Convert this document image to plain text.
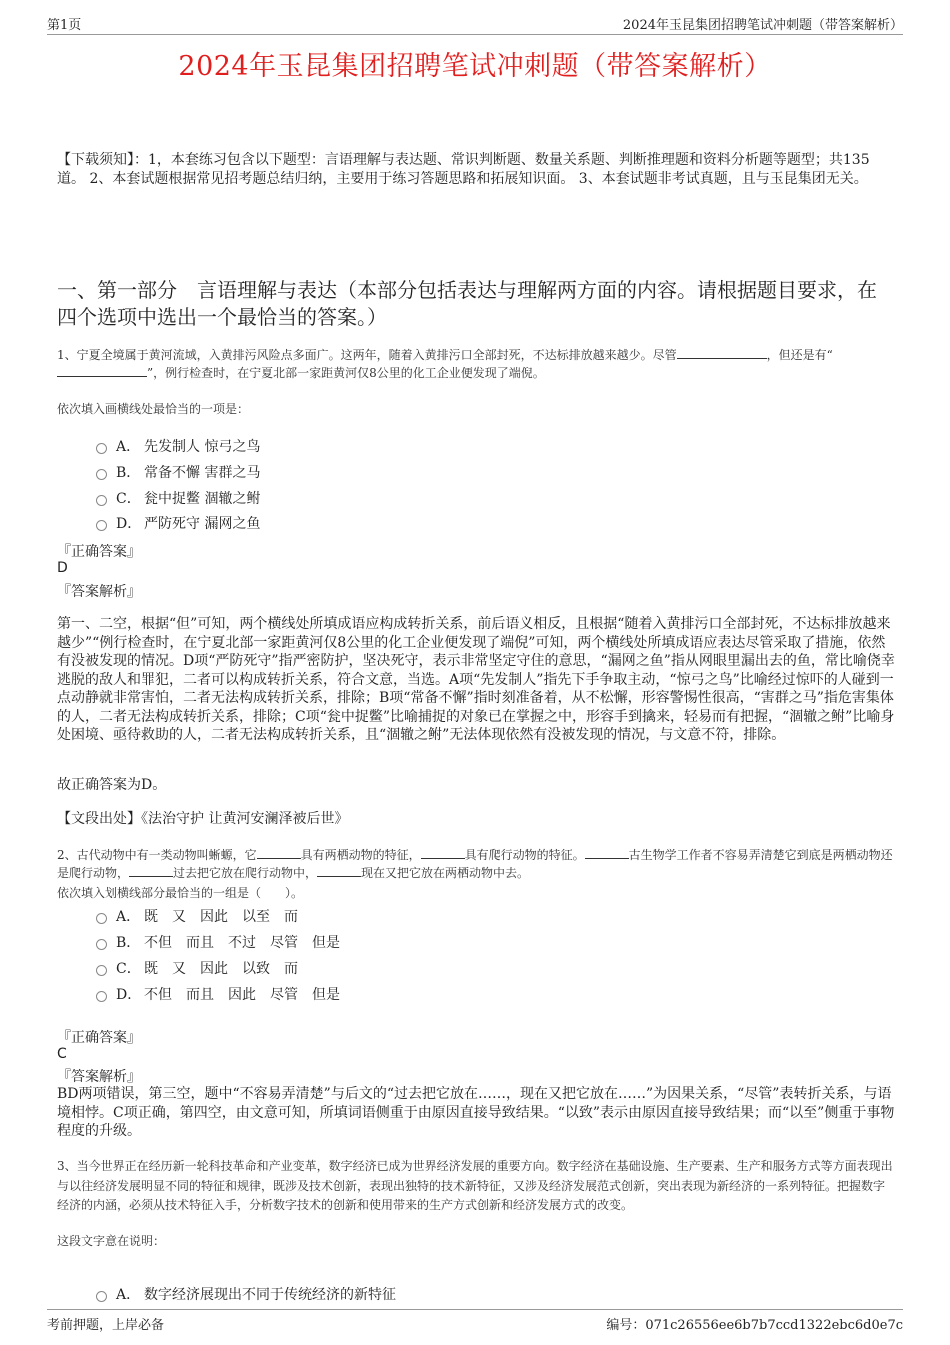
第1页	2024年玉昆集团招聘笔试冲刺题（带答案解析）
2024年玉昆集团招聘笔试冲刺题（带答案解析）
【下载须知】：1，本套练习包含以下题型：言语理解与表达题、常识判断题、数量关系题、判断推理题和资料分析题等题型；共135道。 2、本套试题根据常见招考题总结归纳，主要用于练习答题思路和拓展知识面。 3、本套试题非考试真题，且与玉昆集团无关。
一、第一部分　言语理解与表达（本部分包括表达与理解两方面的内容。请根据题目要求，在四个选项中选出一个最恰当的答案。）
1、宁夏全境属于黄河流域，入黄排污风险点多面广。这两年，随着入黄排污口全部封死，不达标排放越来越少。尽管	，但还是有“”，例行检查时，在宁夏北部一家距黄河仅8公里的化工企业便发现了端倪。
依次填入画横线处最恰当的一项是：
A． 先发制人 惊弓之鸟
B． 常备不懈 害群之马
C． 瓮中捉鳖 涸辙之鲋
D． 严防死守 漏网之鱼
『正确答案』
D
『答案解析』
第一、二空，根据“但”可知，两个横线处所填成语应构成转折关系，前后语义相反，且根据“随着入黄排污口全部封死，不达标排放越来越少”“例行检查时，在宁夏北部一家距黄河仅8公里的化工企业便发现了端倪”可知，两个横线处所填成语应表达尽管采取了措施，依然有没被发现的情况。D项“严防死守”指严密防护，坚决死守，表示非常坚定守住的意思，“漏网之鱼”指从网眼里漏出去的鱼，常比喻侥幸逃脱的敌人和罪犯，二者可以构成转折关系，符合文意，当选。A项“先发制人”指先下手争取主动，“惊弓之鸟”比喻经过惊吓的人碰到一点动静就非常害怕，二者无法构成转折关系，排除；B项“常备不懈”指时刻准备着，从不松懈，形容警惕性很高，“害群之马”指危害集体的人，二者无法构成转折关系，排除；C项“瓮中捉鳖”比喻捕捉的对象已在掌握之中，形容手到擒来，轻易而有把握，“涸辙之鲋”比喻身处困境、亟待救助的人，二者无法构成转折关系，且“涸辙之鲋”无法体现依然有没被发现的情况，与文意不符，排除。
故正确答案为D。
【文段出处】《法治守护 让黄河安澜泽被后世》
2、古代动物中有一类动物叫蜥螈，它	具有两栖动物的特征，	具有爬行动物的特征。	古生物学工作者不容易弄清楚它到底是两栖动物还是爬行动物，	过去把它放在爬行动物中，	现在又把它放在两栖动物中去。
依次填入划横线部分最恰当的一组是（　　）。
A． 既　又　因此　以至　而
B． 不但　而且　不过　尽管　但是
C． 既　又　因此　以致　而
D． 不但　而且　因此　尽管　但是
『正确答案』
C
『答案解析』
BD两项错误，第三空，题中“不容易弄清楚”与后文的“过去把它放在……，现在又把它放在……”为因果关系，“尽管”表转折关系，与语境相悖。C项正确，第四空，由文意可知，所填词语侧重于由原因直接导致结果。“以致”表示由原因直接导致结果；而“以至”侧重于事物程度的升级。
3、当今世界正在经历新一轮科技革命和产业变革，数字经济已成为世界经济发展的重要方向。数字经济在基础设施、生产要素、生产和服务方式等方面表现出与以往经济发展明显不同的特征和规律，既涉及技术创新，表现出独特的技术新特征，又涉及经济发展范式创新，突出表现为新经济的一系列特征。把握数字经济的内涵，必须从技术特征入手，分析数字技术的创新和使用带来的生产方式创新和经济发展方式的改变。
这段文字意在说明：
A． 数字经济展现出不同于传统经济的新特征
考前押题，上岸必备	编号：071c26556ee6b7b7ccd1322ebc6d0e7c
